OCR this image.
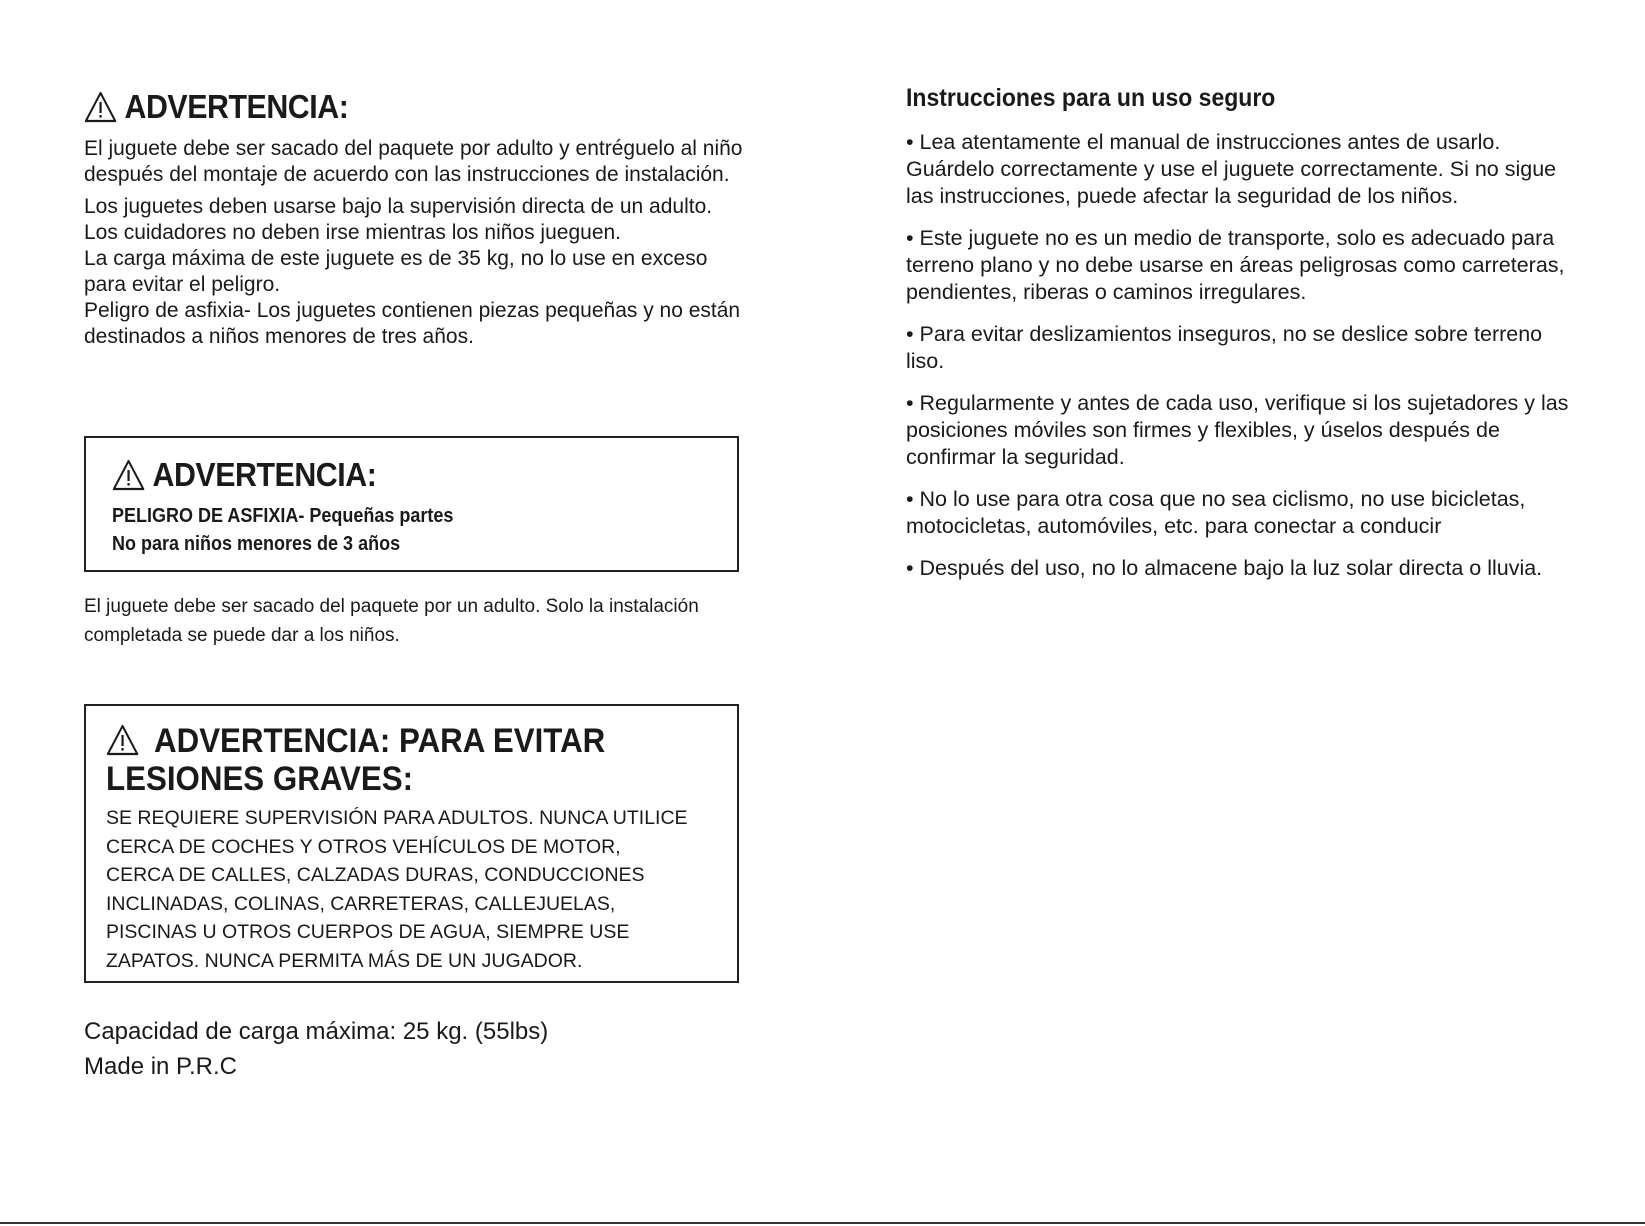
ADVERTENCIA:

El juguete debe ser sacado del paquete por adulto y entréguelo al niño después del montaje de acuerdo con las instrucciones de instalación.

Los juguetes deben usarse bajo la supervisión directa de un adulto. Los cuidadores no deben irse mientras los niños jueguen.

La carga máxima de este juguete es de 35 kg, no lo use en exceso para evitar el peligro.

Peligro de asfixia- Los juguetes contienen piezas pequeñas y no están destinados a niños menores de tres años.

ADVERTENCIA:

PELIGRO DE ASFIXIA- Pequeñas partes

No para niños menores de 3 años

El juguete debe ser sacado del paquete por un adulto. Solo la instalación
completada se puede dar a los niños.

ADVERTENCIA: PARA EVITAR
LESIONES GRAVES:

SE REQUIERE SUPERVISIÓN PARA ADULTOS. NUNCA UTILICE

CERCA DE COCHES Y OTROS VEHÍCULOS DE MOTOR,

CERCA DE CALLES, CALZADAS DURAS, CONDUCCIONES

INCLINADAS, COLINAS, CARRETERAS, CALLEJUELAS,

PISCINAS U OTROS CUERPOS DE AGUA, SIEMPRE USE

ZAPATOS. NUNCA PERMITA MÁS DE UN JUGADOR.

Capacidad de carga máxima: 25 kg. (55lbs)

Made in P.R.C

Instrucciones para un uso seguro

• Lea atentamente el manual de instrucciones antes de usarlo. Guárdelo correctamente y use el juguete correctamente. Si no sigue las instrucciones, puede afectar la seguridad de los niños.

• Este juguete no es un medio de transporte, solo es adecuado para terreno plano y no debe usarse en áreas peligrosas como carreteras, pendientes, riberas o caminos irregulares.

• Para evitar deslizamientos inseguros, no se deslice sobre terreno liso.

• Regularmente y antes de cada uso, verifique si los sujetadores y las posiciones móviles son firmes y flexibles, y úselos después de confirmar la seguridad.

• No lo use para otra cosa que no sea ciclismo, no use bicicletas, motocicletas, automóviles, etc. para conectar a conducir

• Después del uso, no lo almacene bajo la luz solar directa o lluvia.
